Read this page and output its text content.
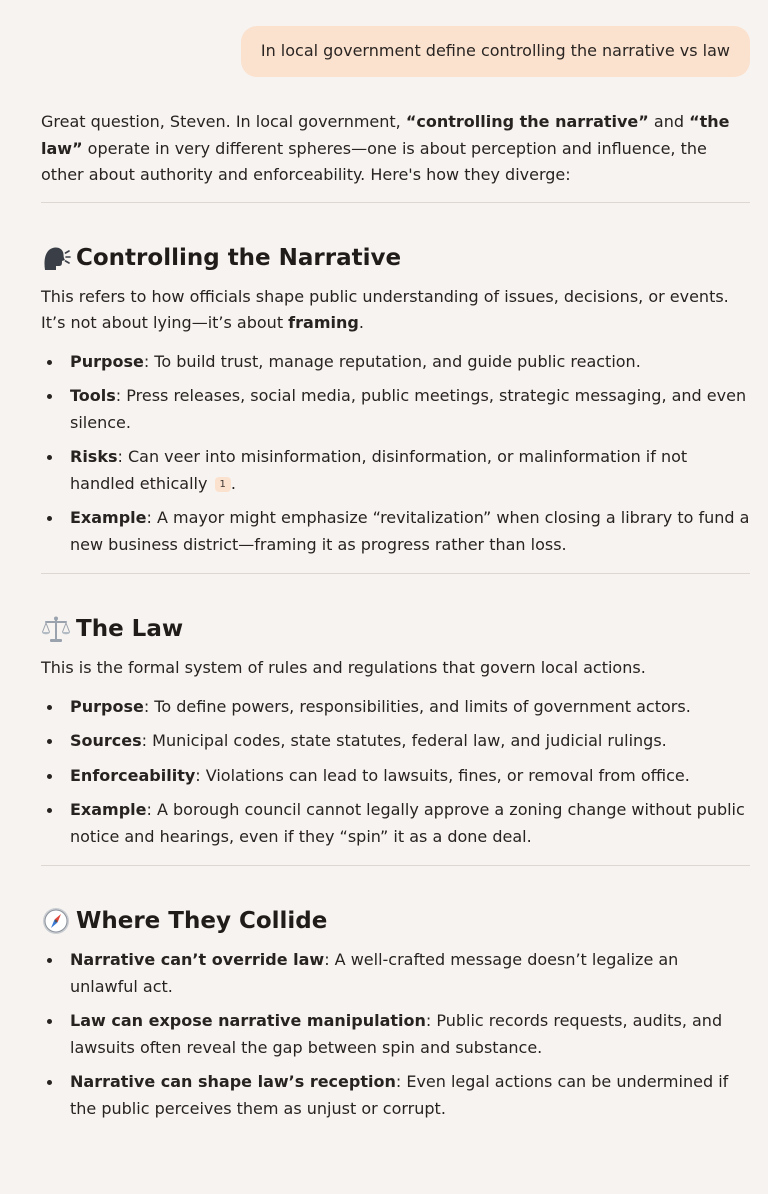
In local government define controlling the narrative vs law

Great question, Steven. In local government, “controlling the narrative” and “the law” operate in very different spheres—one is about perception and influence, the other about authority and enforceability. Here's how they diverge:

Controlling the Narrative

This refers to how officials shape public understanding of issues, decisions, or events. It’s not about lying—it’s about framing.

Purpose: To build trust, manage reputation, and guide public reaction.
Tools: Press releases, social media, public meetings, strategic messaging, and even silence.
Risks: Can veer into misinformation, disinformation, or malinformation if not handled ethically 1 .
Example: A mayor might emphasize “revitalization” when closing a library to fund a new business district—framing it as progress rather than loss.
The Law

This is the formal system of rules and regulations that govern local actions.

Purpose: To define powers, responsibilities, and limits of government actors.
Sources: Municipal codes, state statutes, federal law, and judicial rulings.
Enforceability: Violations can lead to lawsuits, fines, or removal from office.
Example: A borough council cannot legally approve a zoning change without public notice and hearings, even if they “spin” it as a done deal.
Where They Collide
Narrative can’t override law: A well-crafted message doesn’t legalize an unlawful act.
Law can expose narrative manipulation: Public records requests, audits, and lawsuits often reveal the gap between spin and substance.
Narrative can shape law’s reception: Even legal actions can be undermined if the public perceives them as unjust or corrupt.
